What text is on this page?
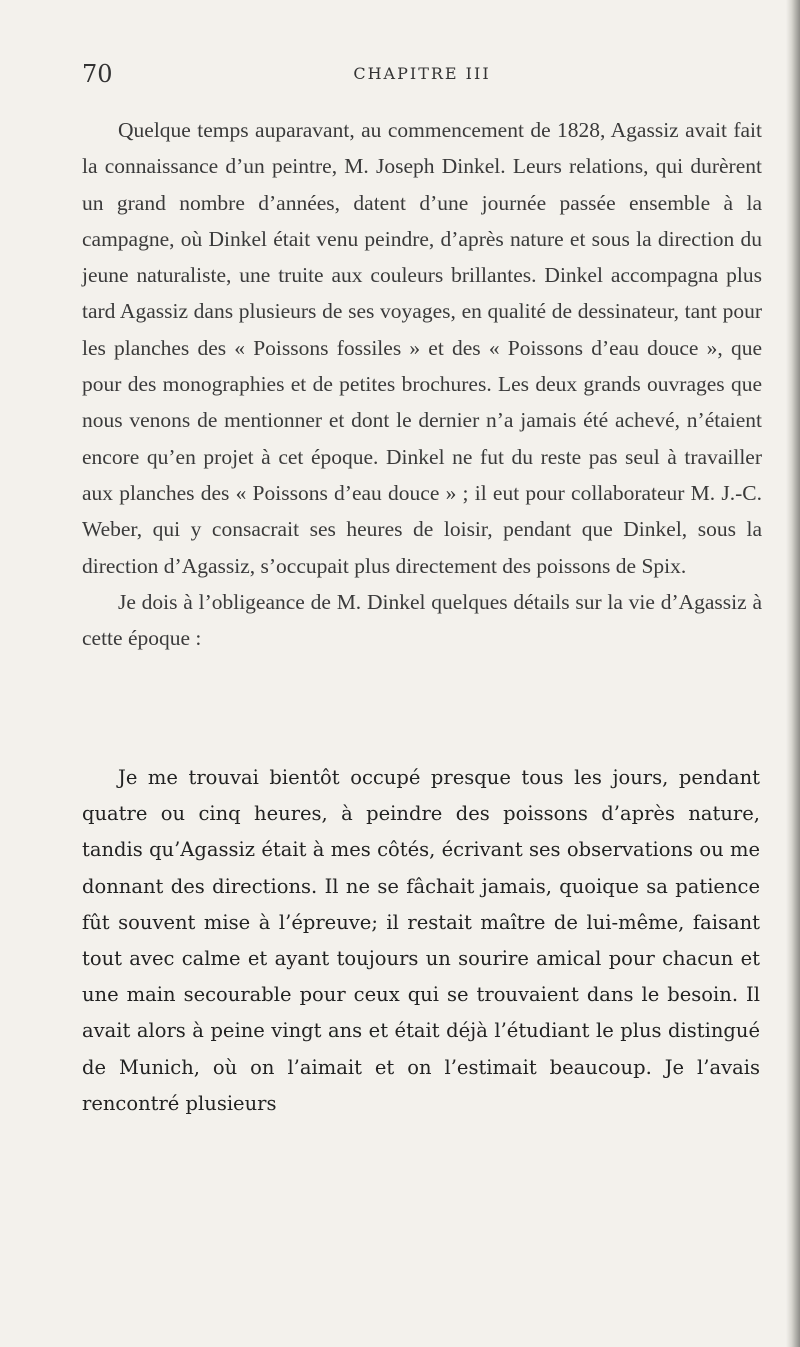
70	CHAPITRE III

Quelque temps auparavant, au commencement de 1828, Agassiz avait fait la connaissance d’un peintre, M. Joseph Dinkel. Leurs relations, qui durèrent un grand nombre d’années, datent d’une journée passée ensemble à la campagne, où Dinkel était venu peindre, d’après nature et sous la direction du jeune naturaliste, une truite aux couleurs brillantes. Dinkel accompagna plus tard Agassiz dans plusieurs de ses voyages, en qualité de dessinateur, tant pour les planches des « Poissons fossiles » et des « Poissons d’eau douce », que pour des monographies et de petites brochures. Les deux grands ouvrages que nous venons de mentionner et dont le dernier n’a jamais été achevé, n’étaient encore qu’en projet à cet époque. Dinkel ne fut du reste pas seul à travailler aux planches des « Poissons d’eau douce » ; il eut pour collaborateur M. J.-C. Weber, qui y consacrait ses heures de loisir, pendant que Dinkel, sous la direction d’Agassiz, s’occupait plus directement des poissons de Spix.

Je dois à l’obligeance de M. Dinkel quelques détails sur la vie d’Agassiz à cette époque :

Je me trouvai bientôt occupé presque tous les jours, pendant quatre ou cinq heures, à peindre des poissons d’après nature, tandis qu’Agassiz était à mes côtés, écrivant ses observations ou me donnant des directions. Il ne se fâchait jamais, quoique sa patience fût souvent mise à l’épreuve; il restait maître de lui-même, faisant tout avec calme et ayant toujours un sourire amical pour chacun et une main secourable pour ceux qui se trouvaient dans le besoin. Il avait alors à peine vingt ans et était déjà l’étudiant le plus distingué de Munich, où on l’aimait et on l’estimait beaucoup. Je l’avais rencontré plusieurs
